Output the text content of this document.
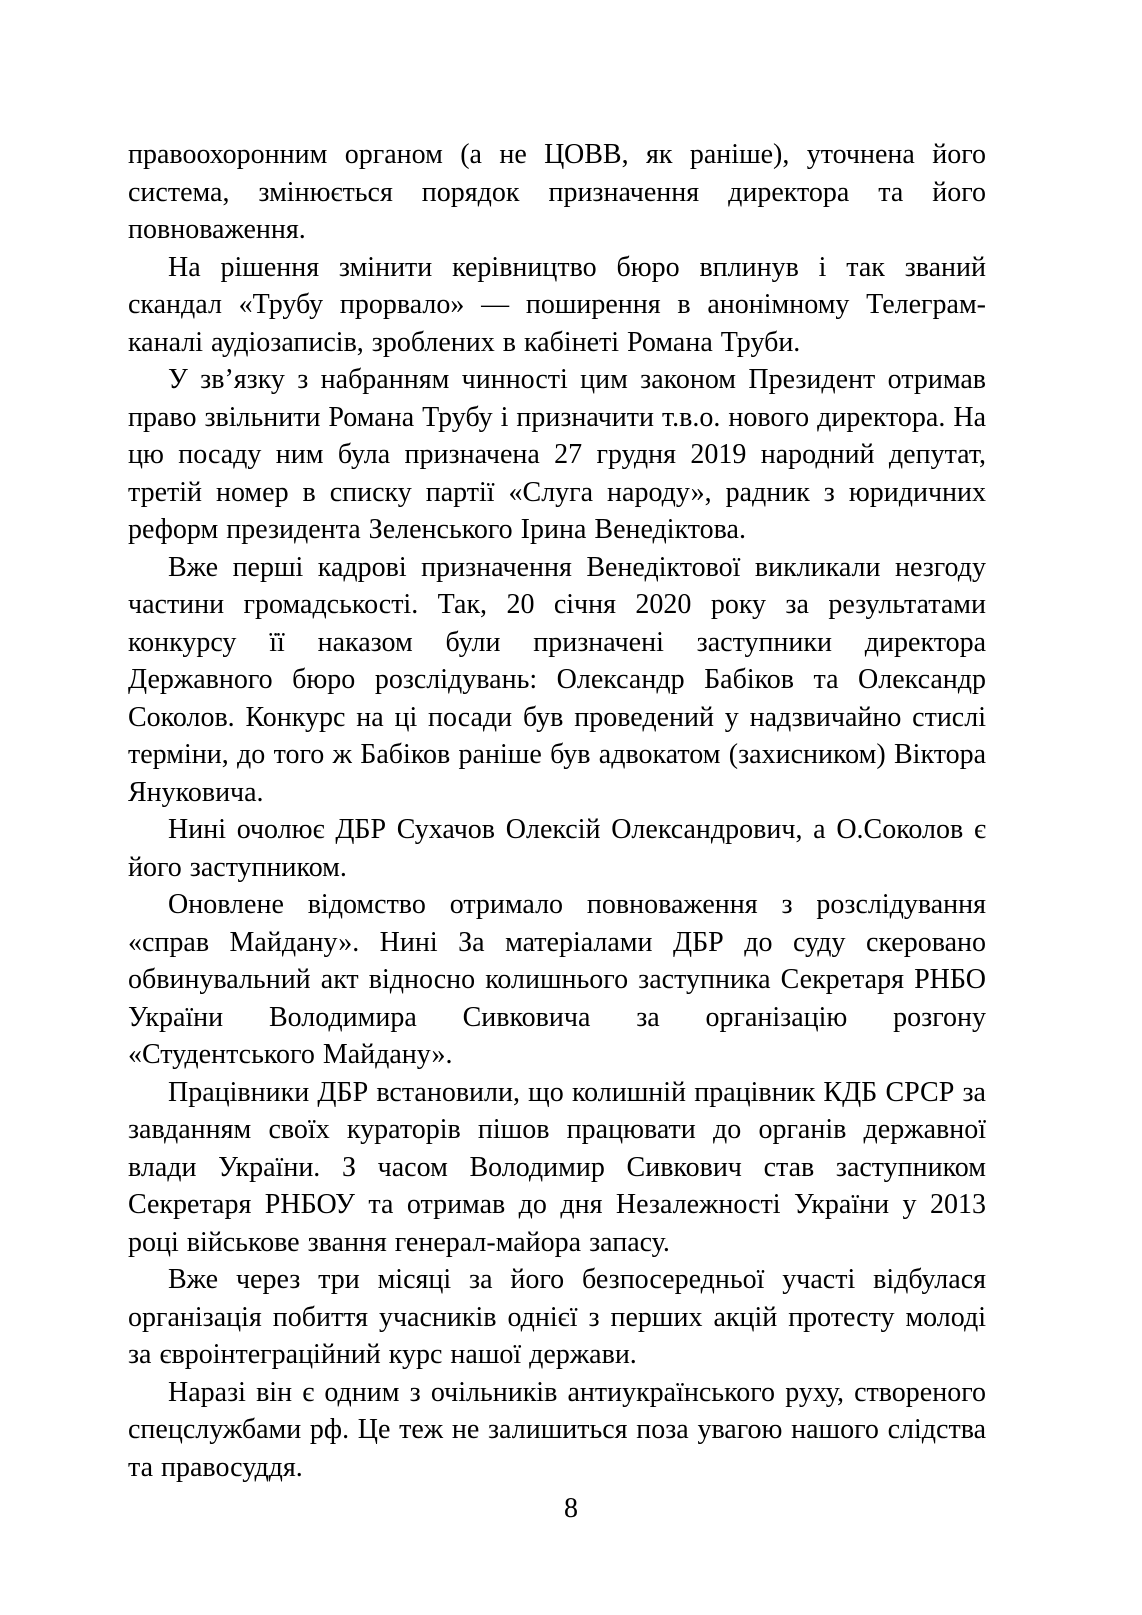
правоохоронним органом (а не ЦОВВ, як раніше), уточнена його система, змінюється порядок призначення директора та його повноваження.

На рішення змінити керівництво бюро вплинув і так званий скандал «Трубу прорвало» — поширення в анонімному Телеграм-каналі аудіозаписів, зроблених в кабінеті Романа Труби.

У зв’язку з набранням чинності цим законом Президент отримав право звільнити Романа Трубу і призначити т.в.о. нового директора. На цю посаду ним була призначена 27 грудня 2019 народний депутат, третій номер в списку партії «Слуга народу», радник з юридичних реформ президента Зеленського Ірина Венедіктова.

Вже перші кадрові призначення Венедіктової викликали незгоду частини громадськості. Так, 20 січня 2020 року за результатами конкурсу її наказом були призначені заступники директора Державного бюро розслідувань: Олександр Бабіков та Олександр Соколов. Конкурс на ці посади був проведений у надзвичайно стислі терміни, до того ж Бабіков раніше був адвокатом (захисником) Віктора Януковича.

Нині очолює ДБР Сухачов Олексій Олександрович, а О.Соколов є його заступником.

Оновлене відомство отримало повноваження з розслідування «справ Майдану». Нині За матеріалами ДБР до суду скеровано обвинувальний акт відносно колишнього заступника Секретаря РНБО України Володимира Сивковича за організацію розгону «Студентського Майдану».

Працівники ДБР встановили, що колишній працівник КДБ СРСР за завданням своїх кураторів пішов працювати до органів державної влади України. З часом Володимир Сивкович став заступником Секретаря РНБОУ та отримав до дня Незалежності України у 2013 році військове звання генерал-майора запасу.

Вже через три місяці за його безпосередньої участі відбулася організація побиття учасників однієї з перших акцій протесту молоді за євроінтеграційний курс нашої держави.

Наразі він є одним з очільників антиукраїнського руху, створеного спецслужбами рф. Це теж не залишиться поза увагою нашого слідства та правосуддя.

8
